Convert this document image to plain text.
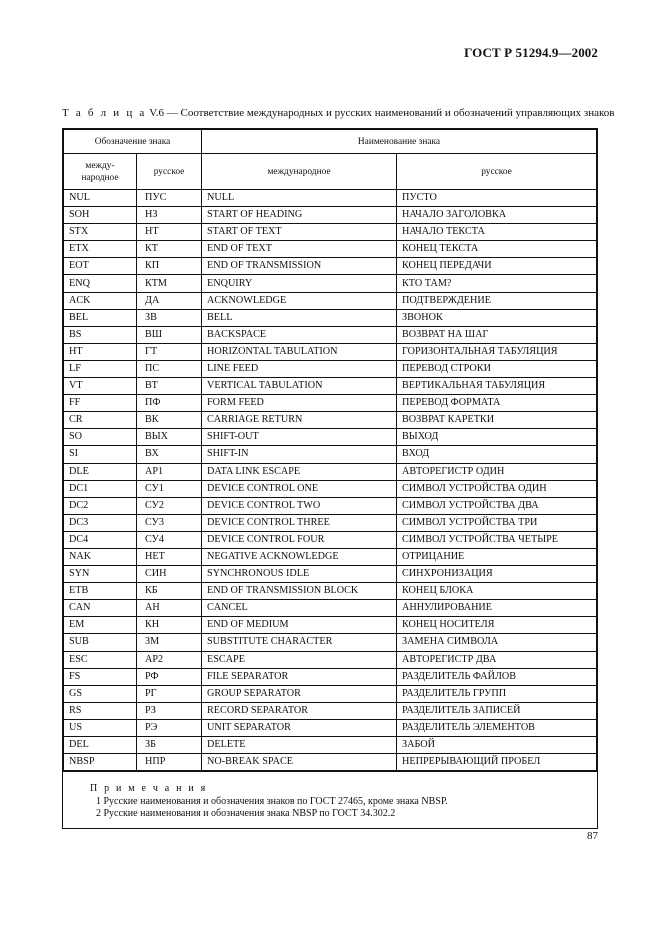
ГОСТ Р 51294.9—2002
Т а б л и ц а V.6 — Соответствие международных и русских наименований и обозначений управляющих знаков
Обозначение знака		Наименование знака	
между-
народное	русское	международное	русское
NUL	ПУС	NULL	ПУСТО
SOH	НЗ	START OF HEADING	НАЧАЛО ЗАГОЛОВКА
STX	НТ	START OF TEXT	НАЧАЛО ТЕКСТА
ETX	КТ	END OF TEXT	КОНЕЦ ТЕКСТА
EOT	КП	END OF TRANSMISSION	КОНЕЦ ПЕРЕДАЧИ
ENQ	КТМ	ENQUIRY	КТО ТАМ?
ACK	ДА	ACKNOWLEDGE	ПОДТВЕРЖДЕНИЕ
BEL	ЗВ	BELL	ЗВОНОК
BS	ВШ	BACKSPACE	ВОЗВРАТ НА ШАГ
HT	ГТ	HORIZONTAL TABULATION	ГОРИЗОНТАЛЬНАЯ ТАБУЛЯЦИЯ
LF	ПС	LINE FEED	ПЕРЕВОД СТРОКИ
VT	ВТ	VERTICAL TABULATION	ВЕРТИКАЛЬНАЯ ТАБУЛЯЦИЯ
FF	ПФ	FORM FEED	ПЕРЕВОД ФОРМАТА
CR	ВК	CARRIAGE RETURN	ВОЗВРАТ КАРЕТКИ
SO	ВЫХ	SHIFT-OUT	ВЫХОД
SI	ВХ	SHIFT-IN	ВХОД
DLE	АР1	DATA LINK ESCAPE	АВТОРЕГИСТР ОДИН
DC1	СУ1	DEVICE CONTROL ONE	СИМВОЛ УСТРОЙСТВА ОДИН
DC2	СУ2	DEVICE CONTROL TWO	СИМВОЛ УСТРОЙСТВА ДВА
DC3	СУ3	DEVICE CONTROL THREE	СИМВОЛ УСТРОЙСТВА ТРИ
DC4	СУ4	DEVICE CONTROL FOUR	СИМВОЛ УСТРОЙСТВА ЧЕТЫРЕ
NAK	НЕТ	NEGATIVE ACKNOWLEDGE	ОТРИЦАНИЕ
SYN	СИН	SYNCHRONOUS IDLE	СИНХРОНИЗАЦИЯ
ETB	КБ	END OF TRANSMISSION BLOCK	КОНЕЦ БЛОКА
CAN	АН	CANCEL	АННУЛИРОВАНИЕ
EM	КН	END OF MEDIUM	КОНЕЦ НОСИТЕЛЯ
SUB	ЗМ	SUBSTITUTE CHARACTER	ЗАМЕНА СИМВОЛА
ESC	АР2	ESCAPE	АВТОРЕГИСТР ДВА
FS	РФ	FILE SEPARATOR	РАЗДЕЛИТЕЛЬ ФАЙЛОВ
GS	РГ	GROUP SEPARATOR	РАЗДЕЛИТЕЛЬ ГРУПП
RS	РЗ	RECORD SEPARATOR	РАЗДЕЛИТЕЛЬ ЗАПИСЕЙ
US	РЭ	UNIT SEPARATOR	РАЗДЕЛИТЕЛЬ ЭЛЕМЕНТОВ
DEL	ЗБ	DELETE	ЗАБОЙ
NBSP	НПР	NO-BREAK SPACE	НЕПРЕРЫВАЮЩИЙ ПРОБЕЛ
П р и м е ч а н и я
1 Русские наименования и обозначения знаков по ГОСТ 27465, кроме знака NBSP.
2 Русские наименования и обозначения знака NBSP по ГОСТ 34.302.2
87
